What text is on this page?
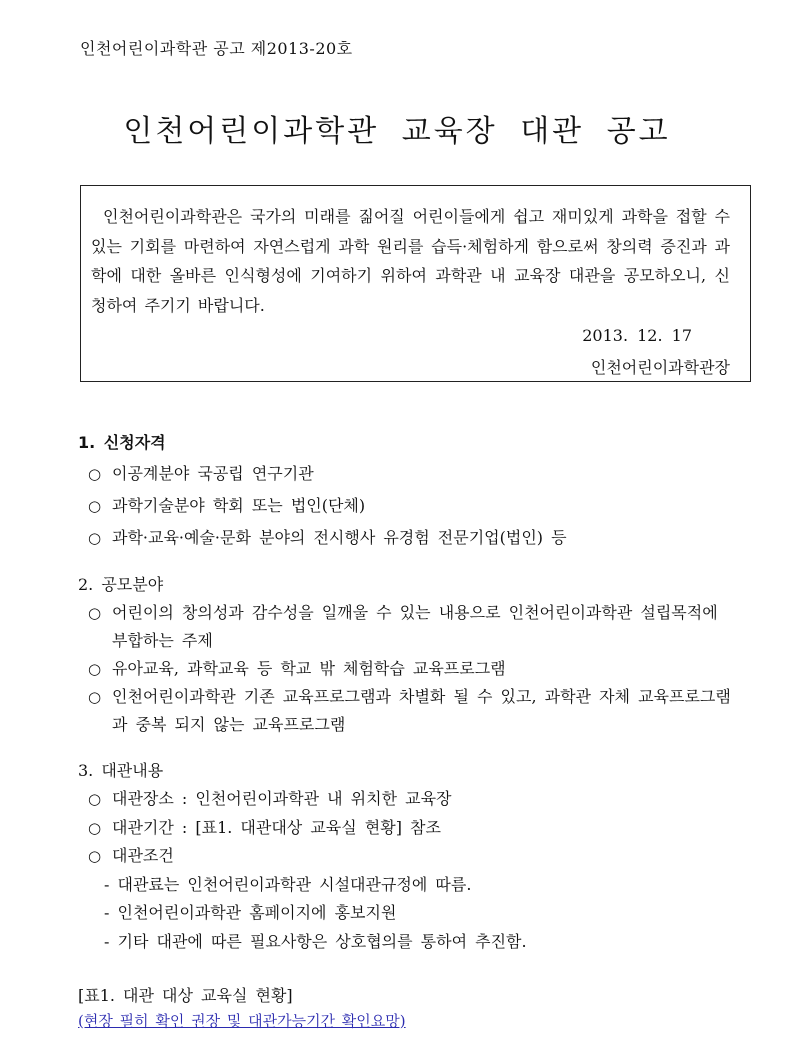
인천어린이과학관 공고 제2013-20호
인천어린이과학관 교육장 대관 공고

인천어린이과학관은 국가의 미래를 짊어질 어린이들에게 쉽고 재미있게 과학을 접할 수 있는 기회를 마련하여 자연스럽게 과학 원리를 습득·체험하게 함으로써 창의력 증진과 과학에 대한 올바른 인식형성에 기여하기 위하여 과학관 내 교육장 대관을 공모하오니, 신청하여 주기기 바랍니다.

2013. 12. 17
인천어린이과학관장
1. 신청자격
○ 이공계분야 국공립 연구기관
○ 과학기술분야 학회 또는 법인(단체)
○ 과학·교육·예술·문화 분야의 전시행사 유경험 전문기업(법인) 등
2. 공모분야
○ 어린이의 창의성과 감수성을 일깨울 수 있는 내용으로 인천어린이과학관 설립목적에 부합하는 주제
○ 유아교육, 과학교육 등 학교 밖 체험학습 교육프로그램
○ 인천어린이과학관 기존 교육프로그램과 차별화 될 수 있고, 과학관 자체 교육프로그램과 중복 되지 않는 교육프로그램
3. 대관내용
○ 대관장소 : 인천어린이과학관 내 위치한 교육장
○ 대관기간 : [표1. 대관대상 교육실 현황] 참조
○ 대관조건
- 대관료는 인천어린이과학관 시설대관규정에 따름.
- 인천어린이과학관 홈페이지에 홍보지원
- 기타 대관에 따른 필요사항은 상호협의를 통하여 추진함.
[표1. 대관 대상 교육실 현황]
(현장 필히 확인 권장 및 대관가능기간 확인요망)
